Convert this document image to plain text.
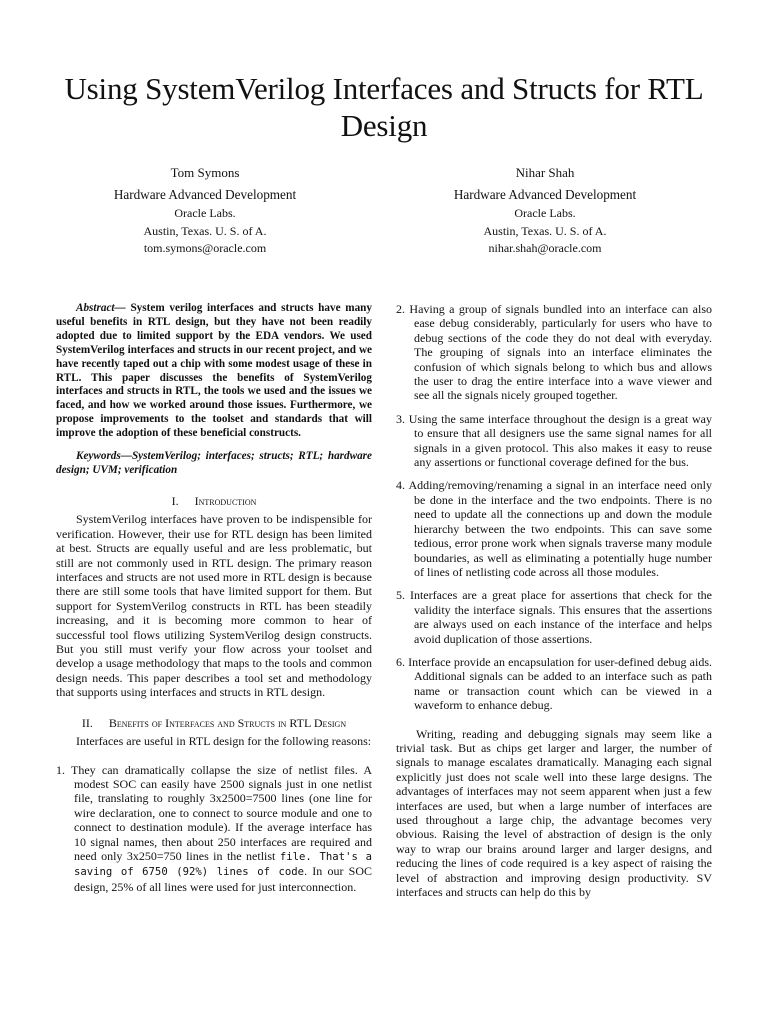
Using SystemVerilog Interfaces and Structs for RTL Design
Tom Symons
Hardware Advanced Development
Oracle Labs.
Austin, Texas. U. S. of A.
tom.symons@oracle.com
Nihar Shah
Hardware Advanced Development
Oracle Labs.
Austin, Texas. U. S. of A.
nihar.shah@oracle.com

Abstract— System verilog interfaces and structs have many useful benefits in RTL design, but they have not been readily adopted due to limited support by the EDA vendors. We used SystemVerilog interfaces and structs in our recent project, and we have recently taped out a chip with some modest usage of these in RTL. This paper discusses the benefits of SystemVerilog interfaces and structs in RTL, the tools we used and the issues we faced, and how we worked around those issues. Furthermore, we propose improvements to the toolset and standards that will improve the adoption of these beneficial constructs.

Keywords—SystemVerilog; interfaces; structs; RTL; hardware design; UVM; verification

I. Introduction

SystemVerilog interfaces have proven to be indispensible for verification. However, their use for RTL design has been limited at best. Structs are equally useful and are less problematic, but still are not commonly used in RTL design. The primary reason interfaces and structs are not used more in RTL design is because there are still some tools that have limited support for them. But support for SystemVerilog constructs in RTL has been steadily increasing, and it is becoming more common to hear of successful tool flows utilizing SystemVerilog design constructs. But you still must verify your flow across your toolset and develop a usage methodology that maps to the tools and common design needs. This paper describes a tool set and methodology that supports using interfaces and structs in RTL design.

II. Benefits of Interfaces and Structs in RTL Design

Interfaces are useful in RTL design for the following reasons:

1. They can dramatically collapse the size of netlist files. A modest SOC can easily have 2500 signals just in one netlist file, translating to roughly 3x2500=7500 lines (one line for wire declaration, one to connect to source module and one to connect to destination module). If the average interface has 10 signal names, then about 250 interfaces are required and need only 3x250=750 lines in the netlist file. That's a saving of 6750 (92%) lines of code. In our SOC design, 25% of all lines were used for just interconnection.

2. Having a group of signals bundled into an interface can also ease debug considerably, particularly for users who have to debug sections of the code they do not deal with everyday. The grouping of signals into an interface eliminates the confusion of which signals belong to which bus and allows the user to drag the entire interface into a wave viewer and see all the signals nicely grouped together.

3. Using the same interface throughout the design is a great way to ensure that all designers use the same signal names for all signals in a given protocol. This also makes it easy to reuse any assertions or functional coverage defined for the bus.

4. Adding/removing/renaming a signal in an interface need only be done in the interface and the two endpoints. There is no need to update all the connections up and down the module hierarchy between the two endpoints. This can save some tedious, error prone work when signals traverse many module boundaries, as well as eliminating a potentially huge number of lines of netlisting code across all those modules.

5. Interfaces are a great place for assertions that check for the validity the interface signals. This ensures that the assertions are always used on each instance of the interface and helps avoid duplication of those assertions.

6. Interface provide an encapsulation for user-defined debug aids. Additional signals can be added to an interface such as path name or transaction count which can be viewed in a waveform to enhance debug.

Writing, reading and debugging signals may seem like a trivial task. But as chips get larger and larger, the number of signals to manage escalates dramatically. Managing each signal explicitly just does not scale well into these large designs. The advantages of interfaces may not seem apparent when just a few interfaces are used, but when a large number of interfaces are used throughout a large chip, the advantage becomes very obvious. Raising the level of abstraction of design is the only way to wrap our brains around larger and larger designs, and reducing the lines of code required is a key aspect of raising the level of abstraction and improving design productivity. SV interfaces and structs can help do this by
